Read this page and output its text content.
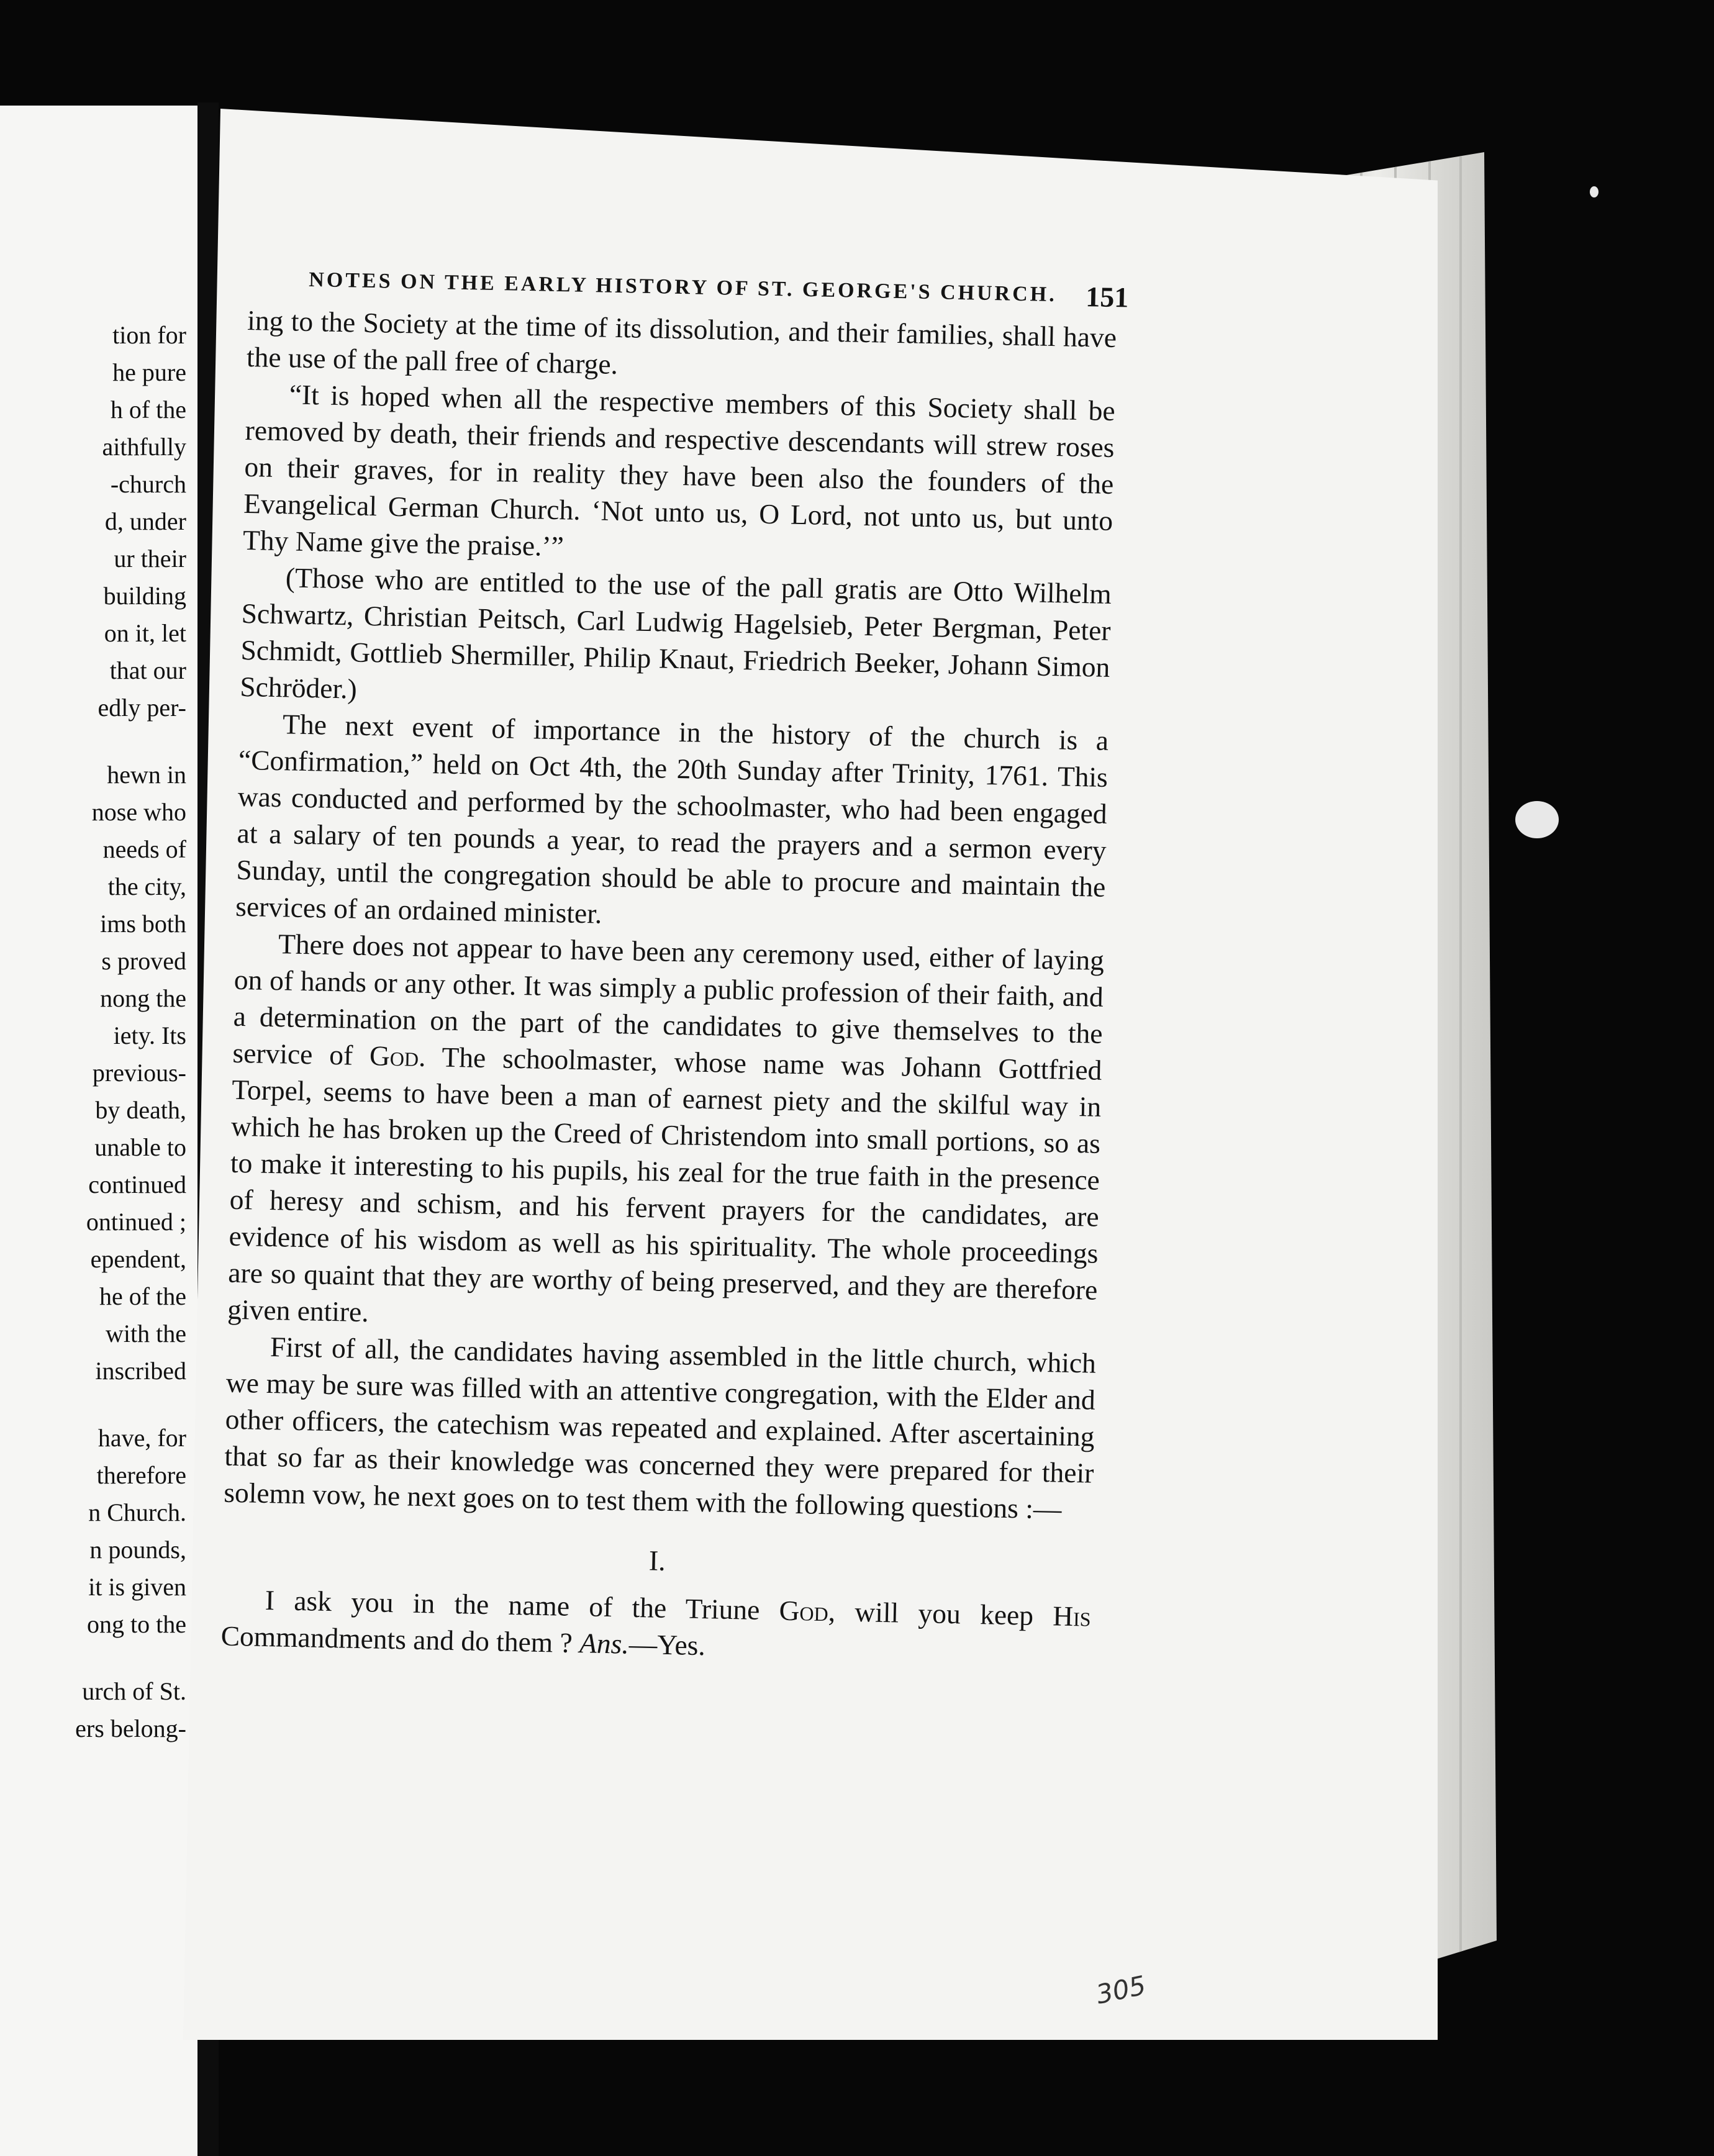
tion for
he pure
h of the
aithfully
-church
d, under
ur their
building
on it, let
that our
edly per-
hewn in
nose who
needs of
the city,
ims both
s proved
nong the
iety. Its
previous-
by death,
unable to
continued
ontinued ;
ependent,
he of the
with the
inscribed
have, for
therefore
n Church.
n pounds,
it is given
ong to the
urch of St.
ers belong-
NOTES ON THE EARLY HISTORY OF ST. GEORGE'S CHURCH. 151

ing to the Society at the time of its dissolution, and their families, shall have the use of the pall free of charge.

“It is hoped when all the respective members of this Society shall be removed by death, their friends and respective descendants will strew roses on their graves, for in reality they have been also the founders of the Evangelical German Church. ‘Not unto us, O Lord, not unto us, but unto Thy Name give the praise.’”

(Those who are entitled to the use of the pall gratis are Otto Wilhelm Schwartz, Christian Peitsch, Carl Ludwig Hagelsieb, Peter Bergman, Peter Schmidt, Gottlieb Shermiller, Philip Knaut, Friedrich Beeker, Johann Simon Schröder.)

The next event of importance in the history of the church is a “Confirmation,” held on Oct 4th, the 20th Sunday after Trinity, 1761. This was conducted and performed by the schoolmaster, who had been engaged at a salary of ten pounds a year, to read the prayers and a sermon every Sunday, until the congregation should be able to procure and maintain the services of an ordained minister.

There does not appear to have been any ceremony used, either of laying on of hands or any other. It was simply a public profession of their faith, and a determination on the part of the candidates to give themselves to the service of God. The schoolmaster, whose name was Johann Gottfried Torpel, seems to have been a man of earnest piety and the skilful way in which he has broken up the Creed of Christendom into small portions, so as to make it interesting to his pupils, his zeal for the true faith in the presence of heresy and schism, and his fervent prayers for the candidates, are evidence of his wisdom as well as his spirituality. The whole proceedings are so quaint that they are worthy of being preserved, and they are therefore given entire.

First of all, the candidates having assembled in the little church, which we may be sure was filled with an attentive congregation, with the Elder and other officers, the catechism was repeated and explained. After ascertaining that so far as their knowledge was concerned they were prepared for their solemn vow, he next goes on to test them with the following questions :—

I.

I ask you in the name of the Triune God, will you keep His Commandments and do them ? Ans.—Yes.

305
